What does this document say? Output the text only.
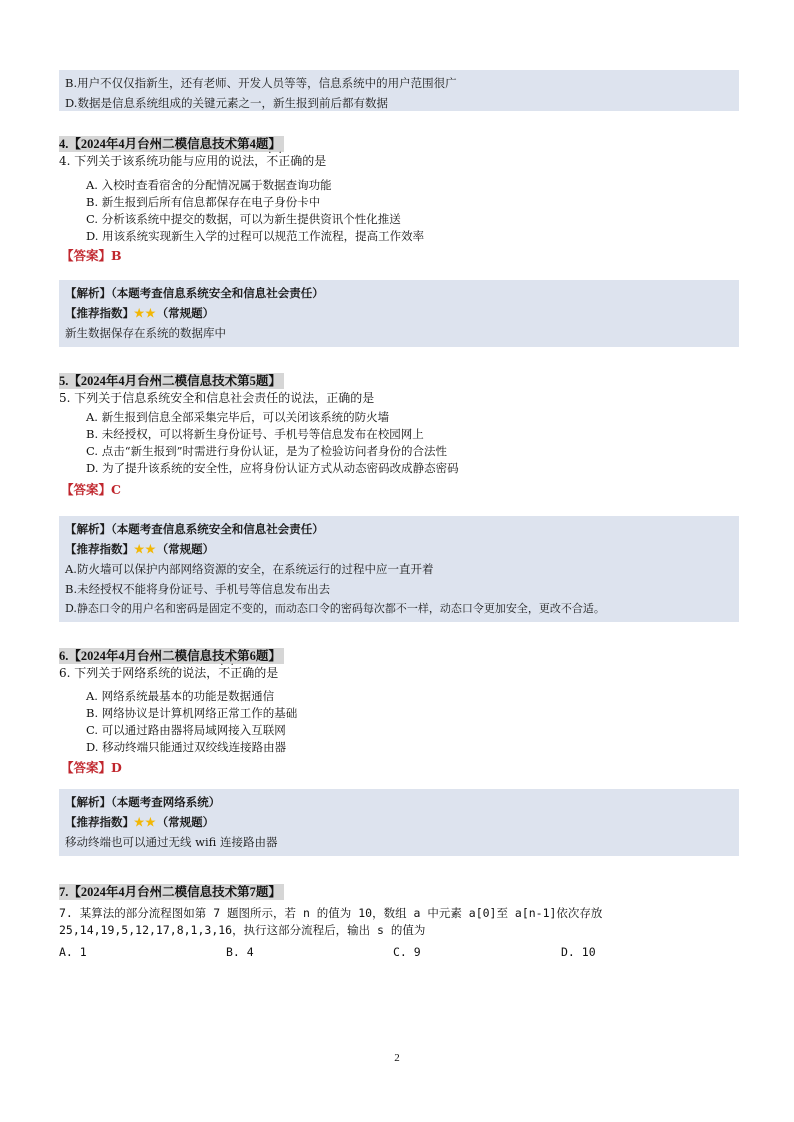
B.用户不仅仅指新生，还有老师、开发人员等等，信息系统中的用户范围很广
D.数据是信息系统组成的关键元素之一，新生报到前后都有数据
4.【2024年4月台州二模信息技术第4题】
4. 下列关于该系统功能与应用的说法，不正确 · ·的是
A. 入校时查看宿舍的分配情况属于数据查询功能
B. 新生报到后所有信息都保存在电子身份卡中
C. 分析该系统中提交的数据，可以为新生提供资讯个性化推送
D. 用该系统实现新生入学的过程可以规范工作流程，提高工作效率
【答案】B
【解析】（本题考查信息系统安全和信息社会责任）
【推荐指数】★★（常规题）
新生数据保存在系统的数据库中
5.【2024年4月台州二模信息技术第5题】
5. 下列关于信息系统安全和信息社会责任的说法，正确的是
A. 新生报到信息全部采集完毕后，可以关闭该系统的防火墙
B. 未经授权，可以将新生身份证号、手机号等信息发布在校园网上
C. 点击“新生报到”时需进行身份认证，是为了检验访问者身份的合法性
D. 为了提升该系统的安全性，应将身份认证方式从动态密码改成静态密码
【答案】C
【解析】（本题考查信息系统安全和信息社会责任）
【推荐指数】★★（常规题）
A.防火墙可以保护内部网络资源的安全，在系统运行的过程中应一直开着
B.未经授权不能将身份证号、手机号等信息发布出去
D.静态口令的用户名和密码是固定不变的，而动态口令的密码每次都不一样，动态口令更加安全，更改不合适。
6.【2024年4月台州二模信息技术第6题】
6. 下列关于网络系统的说法，不正确 · ·的是
A. 网络系统最基本的功能是数据通信
B. 网络协议是计算机网络正常工作的基础
C. 可以通过路由器将局域网接入互联网
D. 移动终端只能通过双绞线连接路由器
【答案】D
【解析】（本题考查网络系统）
【推荐指数】★★（常规题）
移动终端也可以通过无线 wifi 连接路由器
7.【2024年4月台州二模信息技术第7题】
7. 某算法的部分流程图如第 7 题图所示，若 n 的值为 10，数组 a 中元素 a[0]至 a[n-1]依次存放
25,14,19,5,12,17,8,1,3,16，执行这部分流程后，输出 s 的值为
A. 1	B. 4	C. 9	D. 10
2
